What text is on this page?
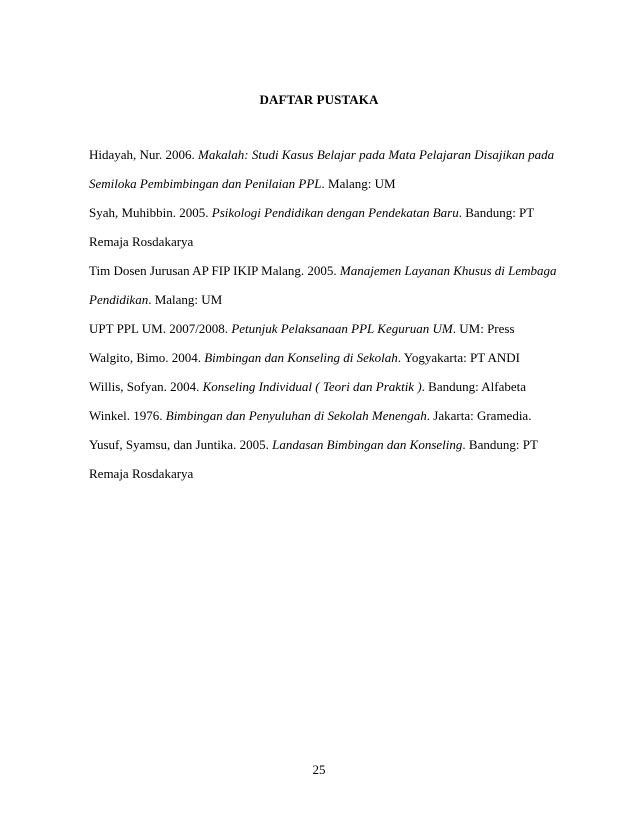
DAFTAR PUSTAKA

Hidayah, Nur. 2006. Makalah: Studi Kasus Belajar pada Mata Pelajaran Disajikan pada
Semiloka Pembimbingan dan Penilaian PPL. Malang: UM

Syah, Muhibbin. 2005. Psikologi Pendidikan dengan Pendekatan Baru. Bandung: PT
Remaja Rosdakarya

Tim Dosen Jurusan AP FIP IKIP Malang. 2005. Manajemen Layanan Khusus di Lembaga
Pendidikan. Malang: UM

UPT PPL UM. 2007/2008. Petunjuk Pelaksanaan PPL Keguruan UM. UM: Press

Walgito, Bimo. 2004. Bimbingan dan Konseling di Sekolah. Yogyakarta: PT ANDI

Willis, Sofyan. 2004. Konseling Individual ( Teori dan Praktik ). Bandung: Alfabeta

Winkel. 1976. Bimbingan dan Penyuluhan di Sekolah Menengah. Jakarta: Gramedia.

Yusuf, Syamsu, dan Juntika. 2005. Landasan Bimbingan dan Konseling. Bandung: PT
Remaja Rosdakarya

25
